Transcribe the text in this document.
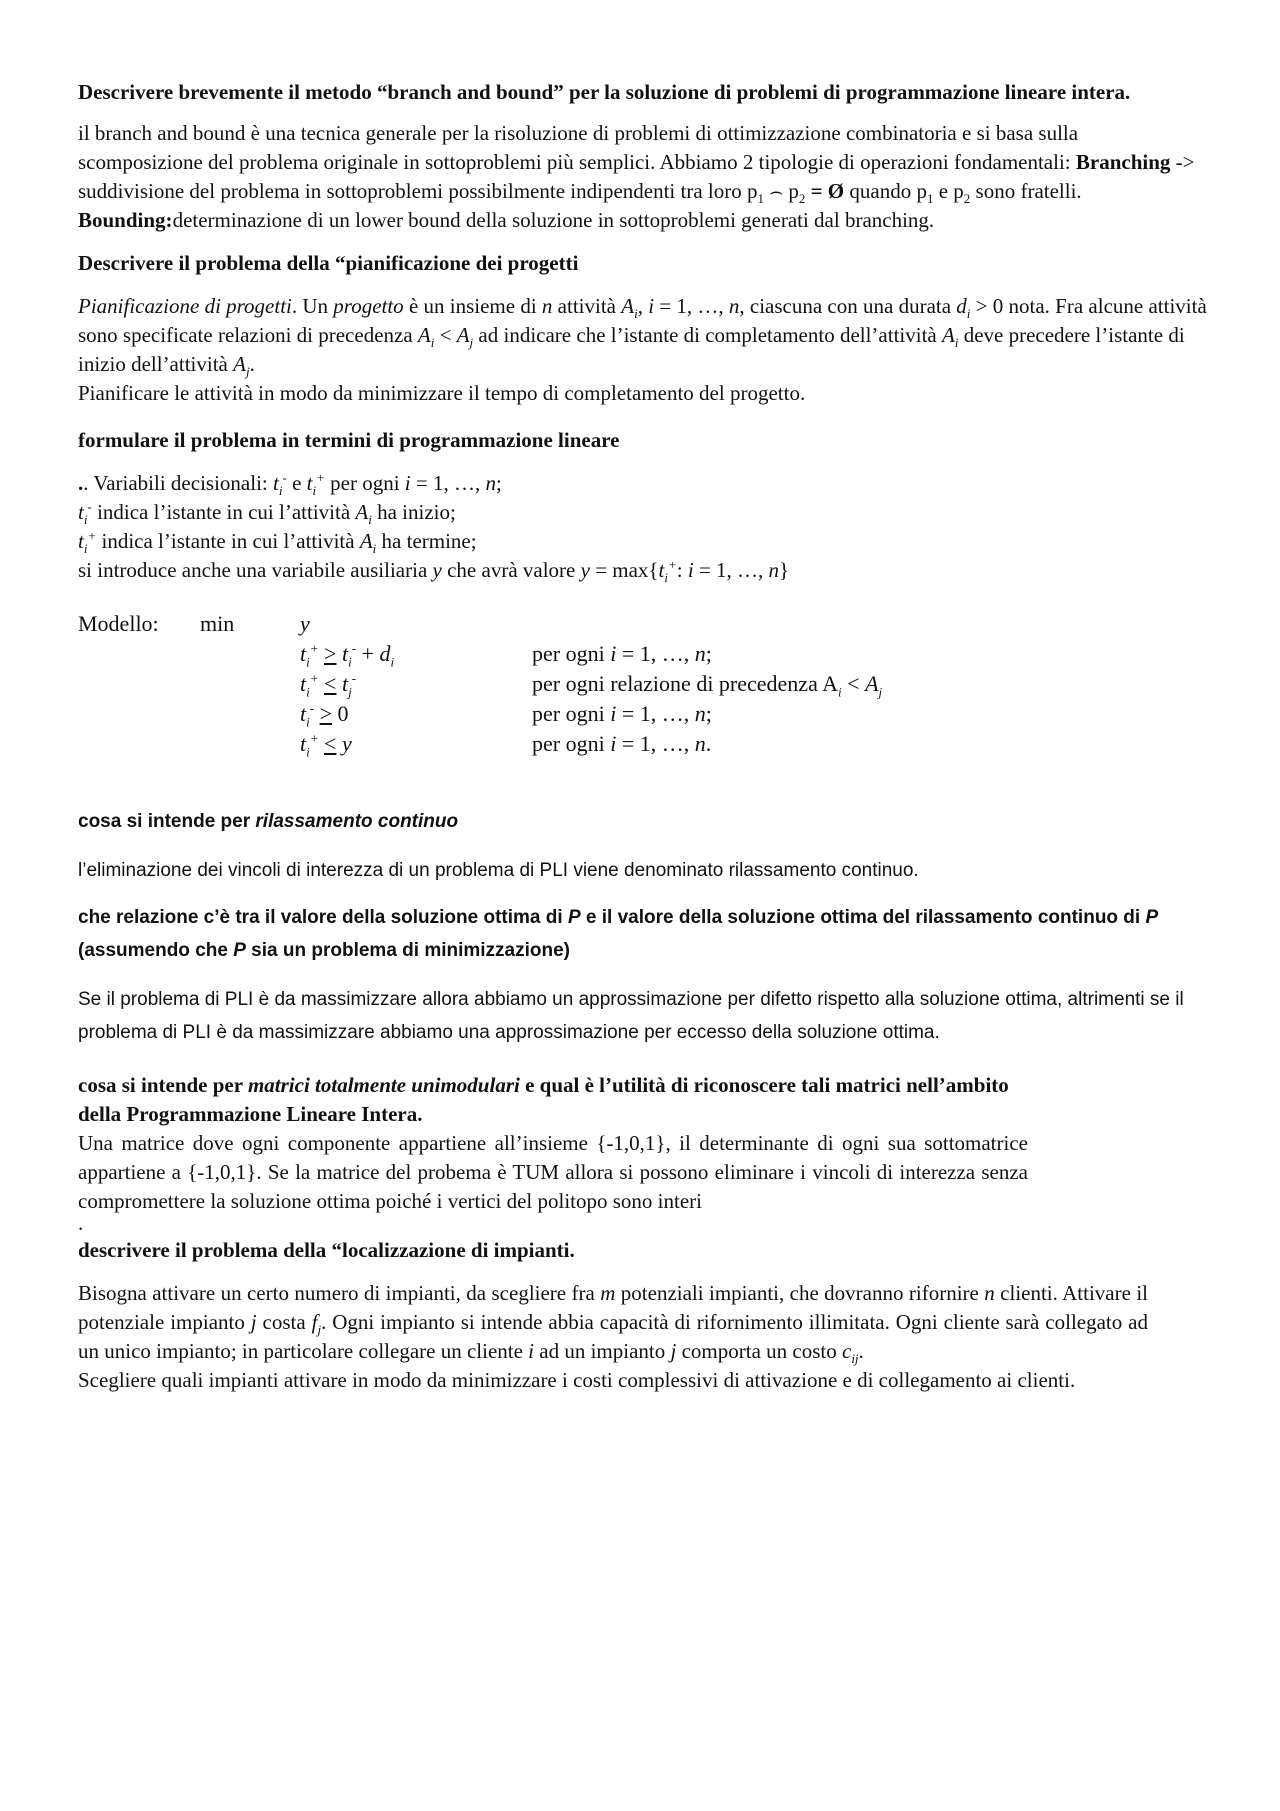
Descrivere brevemente il metodo “branch and bound” per la soluzione di problemi di programmazione lineare intera.

il branch and bound è una tecnica generale per la risoluzione di problemi di ottimizzazione combinatoria e si basa sulla scomposizione del problema originale in sottoproblemi più semplici. Abbiamo 2 tipologie di operazioni fondamentali: Branching -> suddivisione del problema in sottoproblemi possibilmente indipendenti tra loro $p_1$ ⌢ $p_2$ = Ø quando $p_1$ e $p_2$ sono fratelli. Bounding:determinazione di un lower bound della soluzione in sottoproblemi generati dal branching.

Descrivere il problema della “pianificazione dei progetti

Pianificazione di progetti. Un progetto è un insieme di n attività $A_i$, i = 1, …, n, ciascuna con una durata $d_i > 0$ nota. Fra alcune attività sono specificate relazioni di precedenza $A_i < A_j$ ad indicare che l’istante di completamento dell’attività $A_i$ deve precedere l’istante di inizio dell’attività $A_j$.
Pianificare le attività in modo da minimizzare il tempo di completamento del progetto.

formulare il problema in termini di programmazione lineare

.. Variabili decisionali: $t_i^-$ e $t_i^+$ per ogni i = 1, …, n;
$t_i^-$ indica l’istante in cui l’attività $A_i$ ha inizio;
$t_i^+$ indica l’istante in cui l’attività $A_i$ ha termine;
si introduce anche una variabile ausiliaria y che avrà valore $y = \max\{t_i^+$: i = 1, …, n}

Modello:	min	y	
		$t_i^+ > t_i^- + d_i$	per ogni i = 1, …, n;
		$t_i^+ < t_j^-$	per ogni relazione di precedenza $A_i < A_j$
		$t_i^- > 0$	per ogni i = 1, …, n;
		$t_i^+ < y$	per ogni i = 1, …, n.

cosa si intende per rilassamento continuo

l’eliminazione dei vincoli di interezza di un problema di PLI viene denominato rilassamento continuo.

che relazione c’è tra il valore della soluzione ottima di P e il valore della soluzione ottima del rilassamento continuo di P (assumendo che P sia un problema di minimizzazione)

Se il problema di PLI è da massimizzare allora abbiamo un approssimazione per difetto rispetto alla soluzione ottima, altrimenti se il problema di PLI è da massimizzare abbiamo una approssimazione per eccesso della soluzione ottima.

cosa si intende per matrici totalmente unimodulari e qual è l’utilità di riconoscere tali matrici nell’ambito della Programmazione Lineare Intera.

Una matrice dove ogni componente appartiene all’insieme {-1,0,1}, il determinante di ogni sua sottomatrice appartiene a {-1,0,1}. Se la matrice del probema è TUM allora si possono eliminare i vincoli di interezza senza compromettere la soluzione ottima poiché i vertici del politopo sono interi

.

descrivere il problema della “localizzazione di impianti.

Bisogna attivare un certo numero di impianti, da scegliere fra m potenziali impianti, che dovranno rifornire n clienti. Attivare il potenziale impianto j costa $f_j$. Ogni impianto si intende abbia capacità di rifornimento illimitata. Ogni cliente sarà collegato ad un unico impianto; in particolare collegare un cliente i ad un impianto j comporta un costo $c_{ij}$.
Scegliere quali impianti attivare in modo da minimizzare i costi complessivi di attivazione e di collegamento ai clienti.
